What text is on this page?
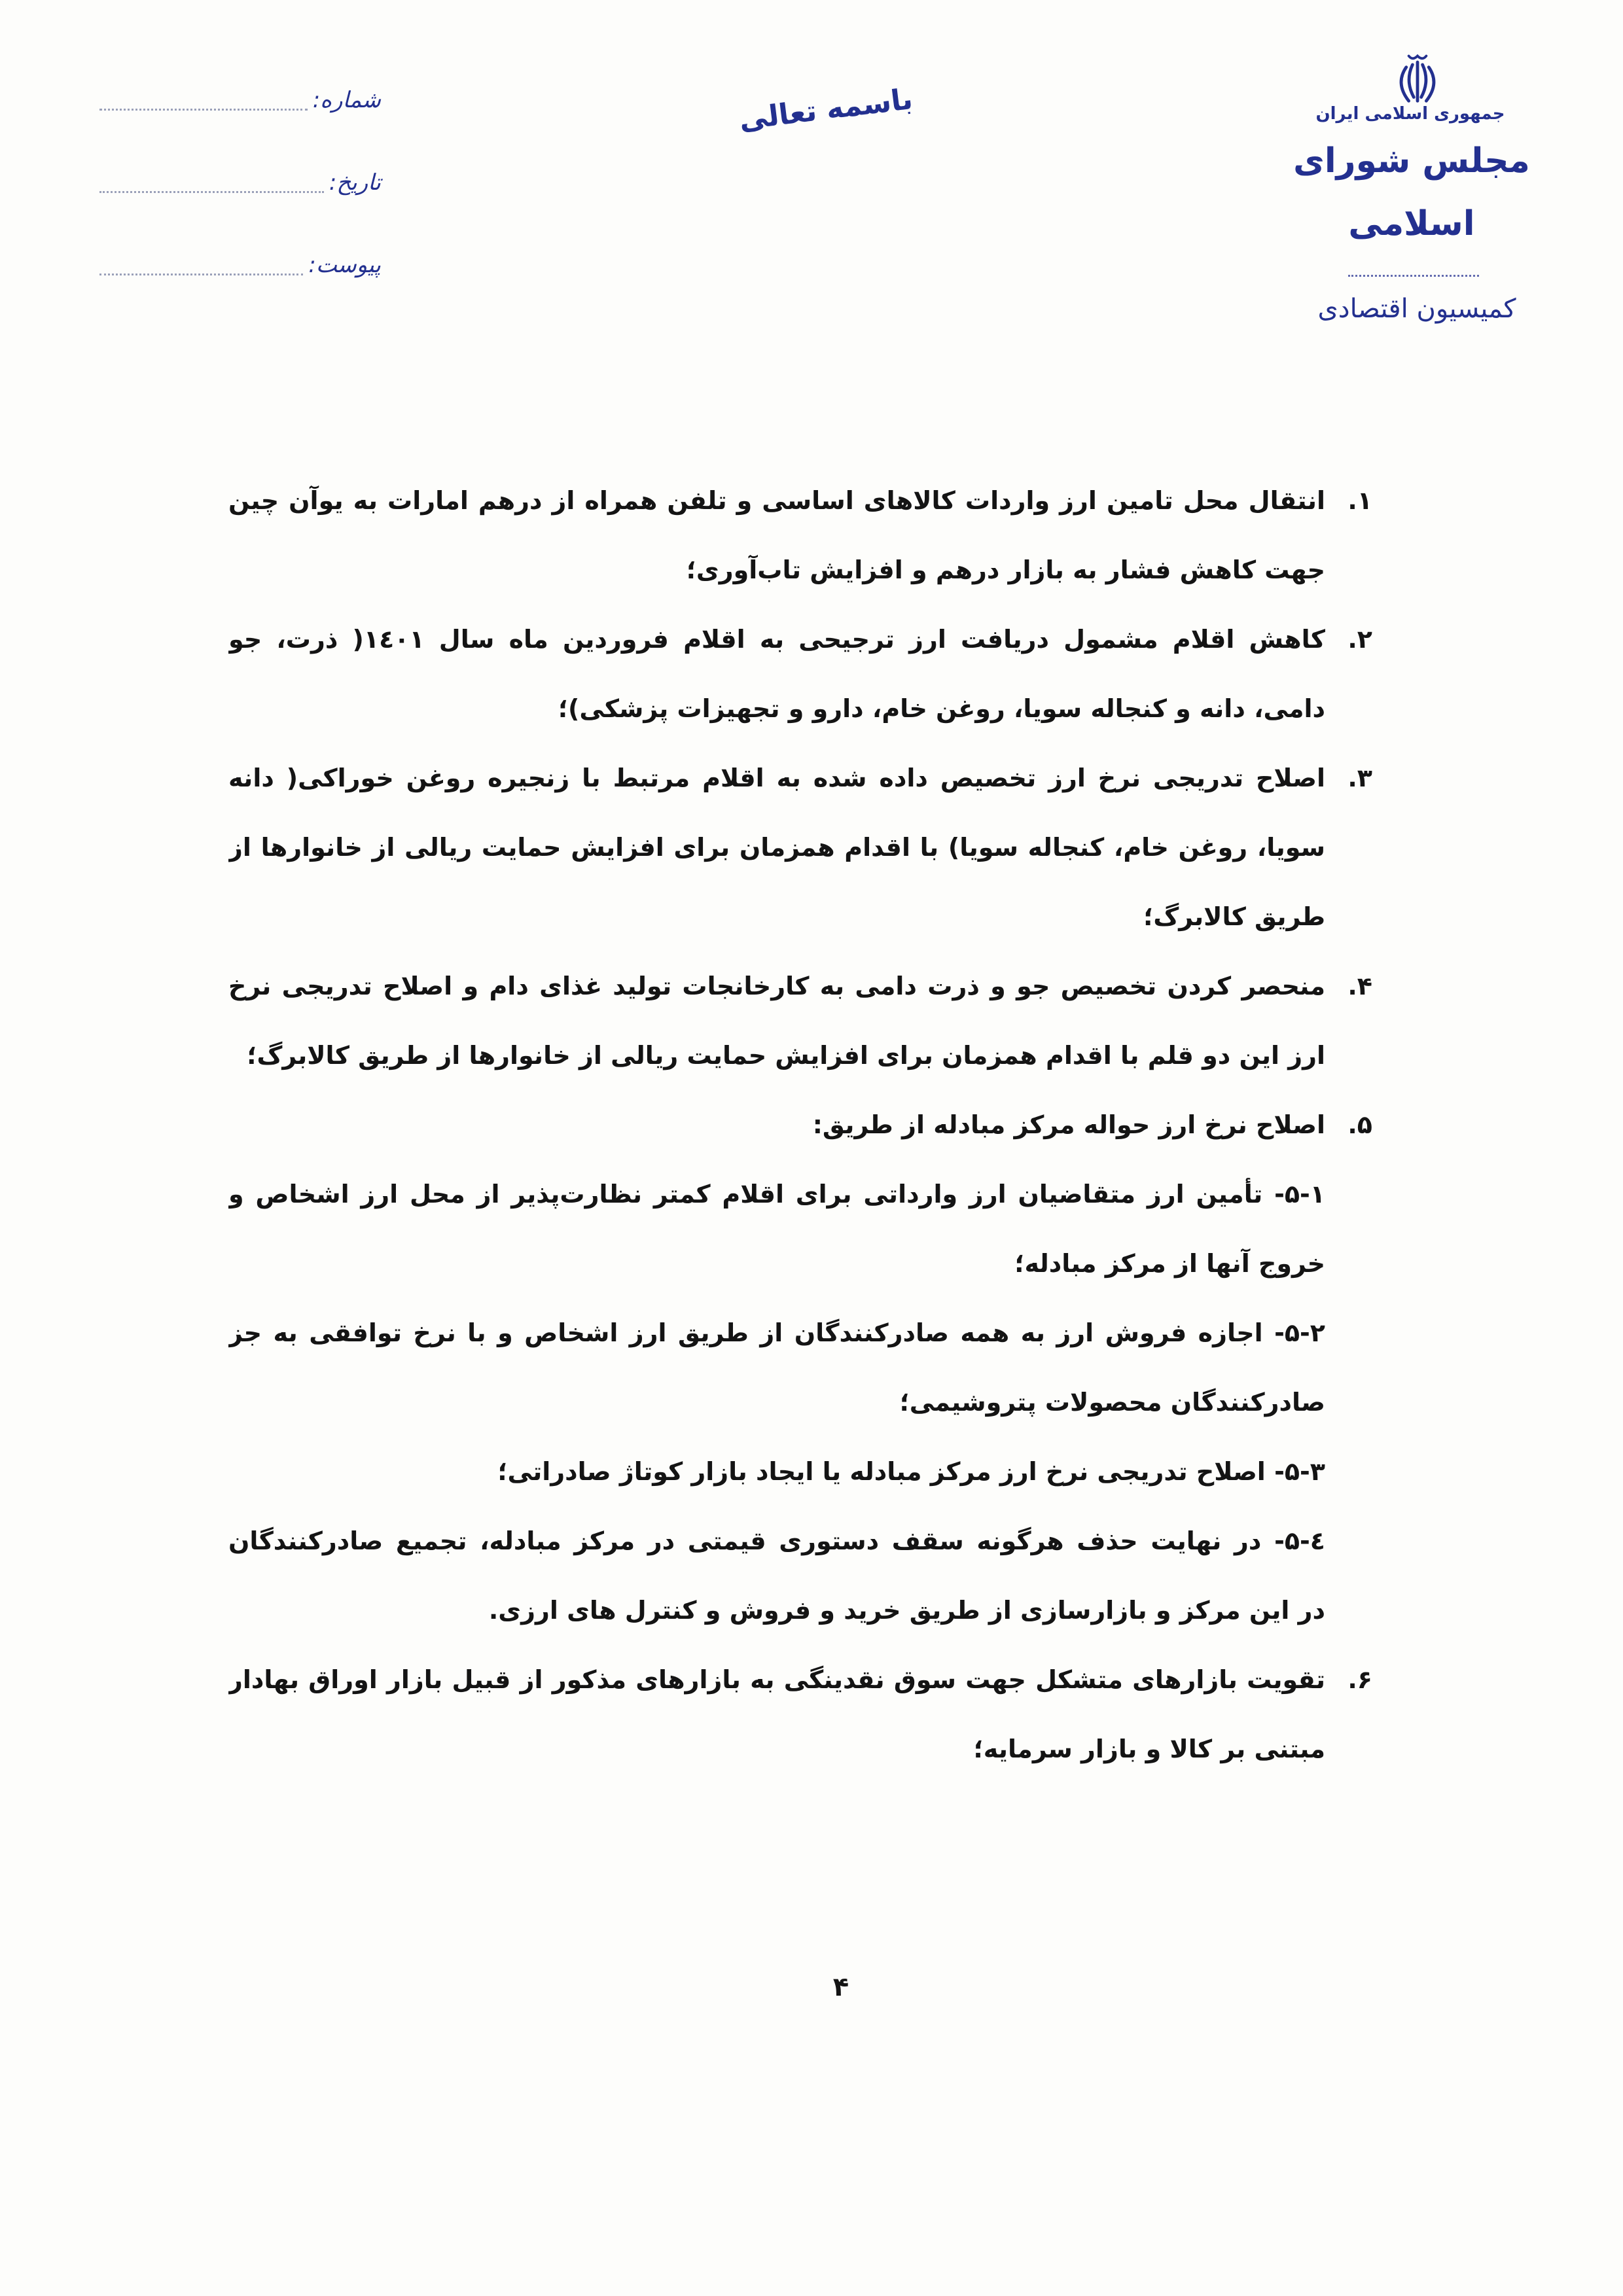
جمهوری اسلامی ایران
مجلس شورای اسلامی
کمیسیون اقتصادی
باسمه تعالی
شماره:
تاریخ:
پیوست:
۱.
انتقال محل تامین ارز واردات کالاهای اساسی و تلفن همراه از درهم امارات به یوآن چین
جهت کاهش فشار به بازار درهم و افزایش تاب‌آوری؛
۲.
کاهش اقلام مشمول دریافت ارز ترجیحی به اقلام فروردین ماه سال ۱٤۰۱( ذرت، جو
دامی، دانه و کنجاله سویا، روغن خام، دارو و تجهیزات پزشکی)؛
۳.
اصلاح تدریجی نرخ ارز تخصیص داده شده به اقلام مرتبط با زنجیره روغن خوراکی( دانه
سویا، روغن خام، کنجاله سویا) با اقدام همزمان برای افزایش حمایت ریالی از خانوارها از
طریق کالابرگ؛
۴.
منحصر کردن تخصیص جو و ذرت دامی به کارخانجات تولید غذای دام و اصلاح تدریجی نرخ
ارز این دو قلم با اقدام همزمان برای افزایش حمایت ریالی از خانوارها از طریق کالابرگ؛
۵.
اصلاح نرخ ارز حواله مرکز مبادله از طریق:
۱-۵- تأمین ارز متقاضیان ارز وارداتی برای اقلام کمتر نظارت‌پذیر از محل ارز اشخاص و
خروج آنها از مرکز مبادله؛
۲-۵- اجازه فروش ارز به همه صادرکنندگان از طریق ارز اشخاص و با نرخ توافقی به جز
صادرکنندگان محصولات پتروشیمی؛
۳-۵- اصلاح تدریجی نرخ ارز مرکز مبادله یا ایجاد بازار کوتاژ صادراتی؛
٤-۵- در نهایت حذف هرگونه سقف دستوری قیمتی در مرکز مبادله، تجمیع صادرکنندگان
در این مرکز و بازارسازی از طریق خرید و فروش و کنترل های ارزی.
۶.
تقویت بازارهای متشکل جهت سوق نقدینگی به بازارهای مذکور از قبیل بازار اوراق بهادار
مبتنی بر کالا و بازار سرمایه؛
۴
